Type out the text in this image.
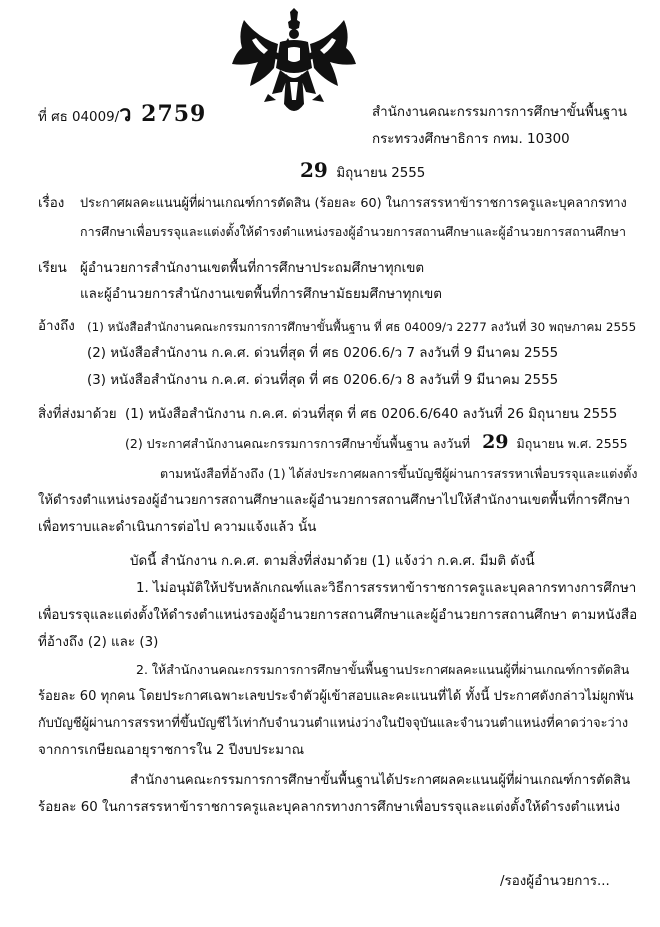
ที่ ศธ 04009/ว 2759	สำนักงานคณะกรรมการการศึกษาขั้นพื้นฐาน
กระทรวงศึกษาธิการ กทม. 10300
29 มิถุนายน 2555
เรื่อง ประกาศผลคะแนนผู้ที่ผ่านเกณฑ์การตัดสิน (ร้อยละ 60) ในการสรรหาข้าราชการครูและบุคลากรทาง
การศึกษาเพื่อบรรจุและแต่งตั้งให้ดำรงตำแหน่งรองผู้อำนวยการสถานศึกษาและผู้อำนวยการสถานศึกษา
เรียน ผู้อำนวยการสำนักงานเขตพื้นที่การศึกษาประถมศึกษาทุกเขต
และผู้อำนวยการสำนักงานเขตพื้นที่การศึกษามัธยมศึกษาทุกเขต
อ้างถึง (1) หนังสือสำนักงานคณะกรรมการการศึกษาขั้นพื้นฐาน ที่ ศธ 04009/ว 2277 ลงวันที่ 30 พฤษภาคม 2555
(2) หนังสือสำนักงาน ก.ค.ศ. ด่วนที่สุด ที่ ศธ 0206.6/ว 7 ลงวันที่ 9 มีนาคม 2555
(3) หนังสือสำนักงาน ก.ค.ศ. ด่วนที่สุด ที่ ศธ 0206.6/ว 8 ลงวันที่ 9 มีนาคม 2555
สิ่งที่ส่งมาด้วย (1) หนังสือสำนักงาน ก.ค.ศ. ด่วนที่สุด ที่ ศธ 0206.6/640 ลงวันที่ 26 มิถุนายน 2555
(2) ประกาศสำนักงานคณะกรรมการการศึกษาขั้นพื้นฐาน ลงวันที่ 29 มิถุนายน พ.ศ. 2555
ตามหนังสือที่อ้างถึง (1) ได้ส่งประกาศผลการขึ้นบัญชีผู้ผ่านการสรรหาเพื่อบรรจุและแต่งตั้ง
ให้ดำรงตำแหน่งรองผู้อำนวยการสถานศึกษาและผู้อำนวยการสถานศึกษาไปให้สำนักงานเขตพื้นที่การศึกษา
เพื่อทราบและดำเนินการต่อไป ความแจ้งแล้ว นั้น
บัดนี้ สำนักงาน ก.ค.ศ. ตามสิ่งที่ส่งมาด้วย (1) แจ้งว่า ก.ค.ศ. มีมติ ดังนี้
1. ไม่อนุมัติให้ปรับหลักเกณฑ์และวิธีการสรรหาข้าราชการครูและบุคลากรทางการศึกษา
เพื่อบรรจุและแต่งตั้งให้ดำรงตำแหน่งรองผู้อำนวยการสถานศึกษาและผู้อำนวยการสถานศึกษา ตามหนังสือ
ที่อ้างถึง (2) และ (3)
2. ให้สำนักงานคณะกรรมการการศึกษาขั้นพื้นฐานประกาศผลคะแนนผู้ที่ผ่านเกณฑ์การตัดสิน
ร้อยละ 60 ทุกคน โดยประกาศเฉพาะเลขประจำตัวผู้เข้าสอบและคะแนนที่ได้ ทั้งนี้ ประกาศดังกล่าวไม่ผูกพัน
กับบัญชีผู้ผ่านการสรรหาที่ขึ้นบัญชีไว้เท่ากับจำนวนตำแหน่งว่างในปัจจุบันและจำนวนตำแหน่งที่คาดว่าจะว่าง
จากการเกษียณอายุราชการใน 2 ปีงบประมาณ
สำนักงานคณะกรรมการการศึกษาขั้นพื้นฐานได้ประกาศผลคะแนนผู้ที่ผ่านเกณฑ์การตัดสิน
ร้อยละ 60 ในการสรรหาข้าราชการครูและบุคลากรทางการศึกษาเพื่อบรรจุและแต่งตั้งให้ดำรงตำแหน่ง
/รองผู้อำนวยการ...
